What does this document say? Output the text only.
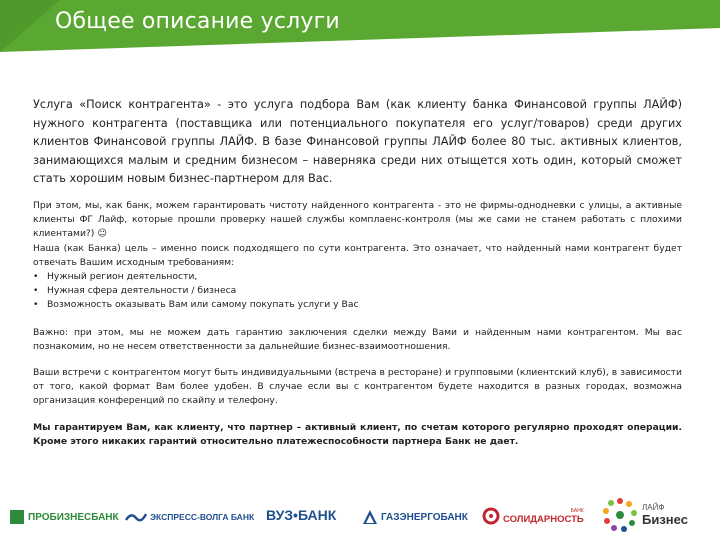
Общее описание услуги

Услуга «Поиск контрагента» - это услуга подбора Вам (как клиенту банка Финансовой группы ЛАЙФ) нужного контрагента (поставщика или потенциального покупателя его услуг/товаров) среди других клиентов Финансовой группы ЛАЙФ. В базе Финансовой группы ЛАЙФ более 80 тыс. активных клиентов, занимающихся малым и средним бизнесом – наверняка среди них отыщется хоть один, который сможет стать хорошим новым бизнес-партнером для Вас.

При этом, мы, как банк, можем гарантировать чистоту найденного контрагента - это не фирмы-однодневки с улицы, а активные клиенты ФГ Лайф, которые прошли проверку нашей службы комплаенс-контроля (мы же сами не станем работать с плохими клиентами?) ☺

Наша (как Банка) цель – именно поиск подходящего по сути контрагента. Это означает, что найденный нами контрагент будет отвечать Вашим исходным требованиям:

• Нужный регион деятельности,
• Нужная сфера деятельности / бизнеса
• Возможность оказывать Вам или самому покупать услуги у Вас

Важно: при этом, мы не можем дать гарантию заключения сделки между Вами и найденным нами контрагентом. Мы вас познакомим, но не несем ответственности за дальнейшие бизнес-взаимоотношения.

Ваши встречи с контрагентом могут быть индивидуальными (встреча в ресторане) и групповыми (клиентский клуб), в зависимости от того, какой формат Вам более удобен. В случае если вы с контрагентом будете находится в разных городах, возможна организация конференций по скайпу и телефону.

Мы гарантируем Вам, как клиенту, что партнер – активный клиент, по счетам которого регулярно проходят операции. Кроме этого никаких гарантий относительно платежеспособности партнера Банк не дает.

ПРОБИЗНЕСБАНК	ЭКСПРЕСС-ВОЛГА БАНК ВУЗ•БАНК	ГАЗЭНЕРГОБАНК
БАНК
СОЛИДАРНОСТЬ
ЛАЙФ
Бизнес
